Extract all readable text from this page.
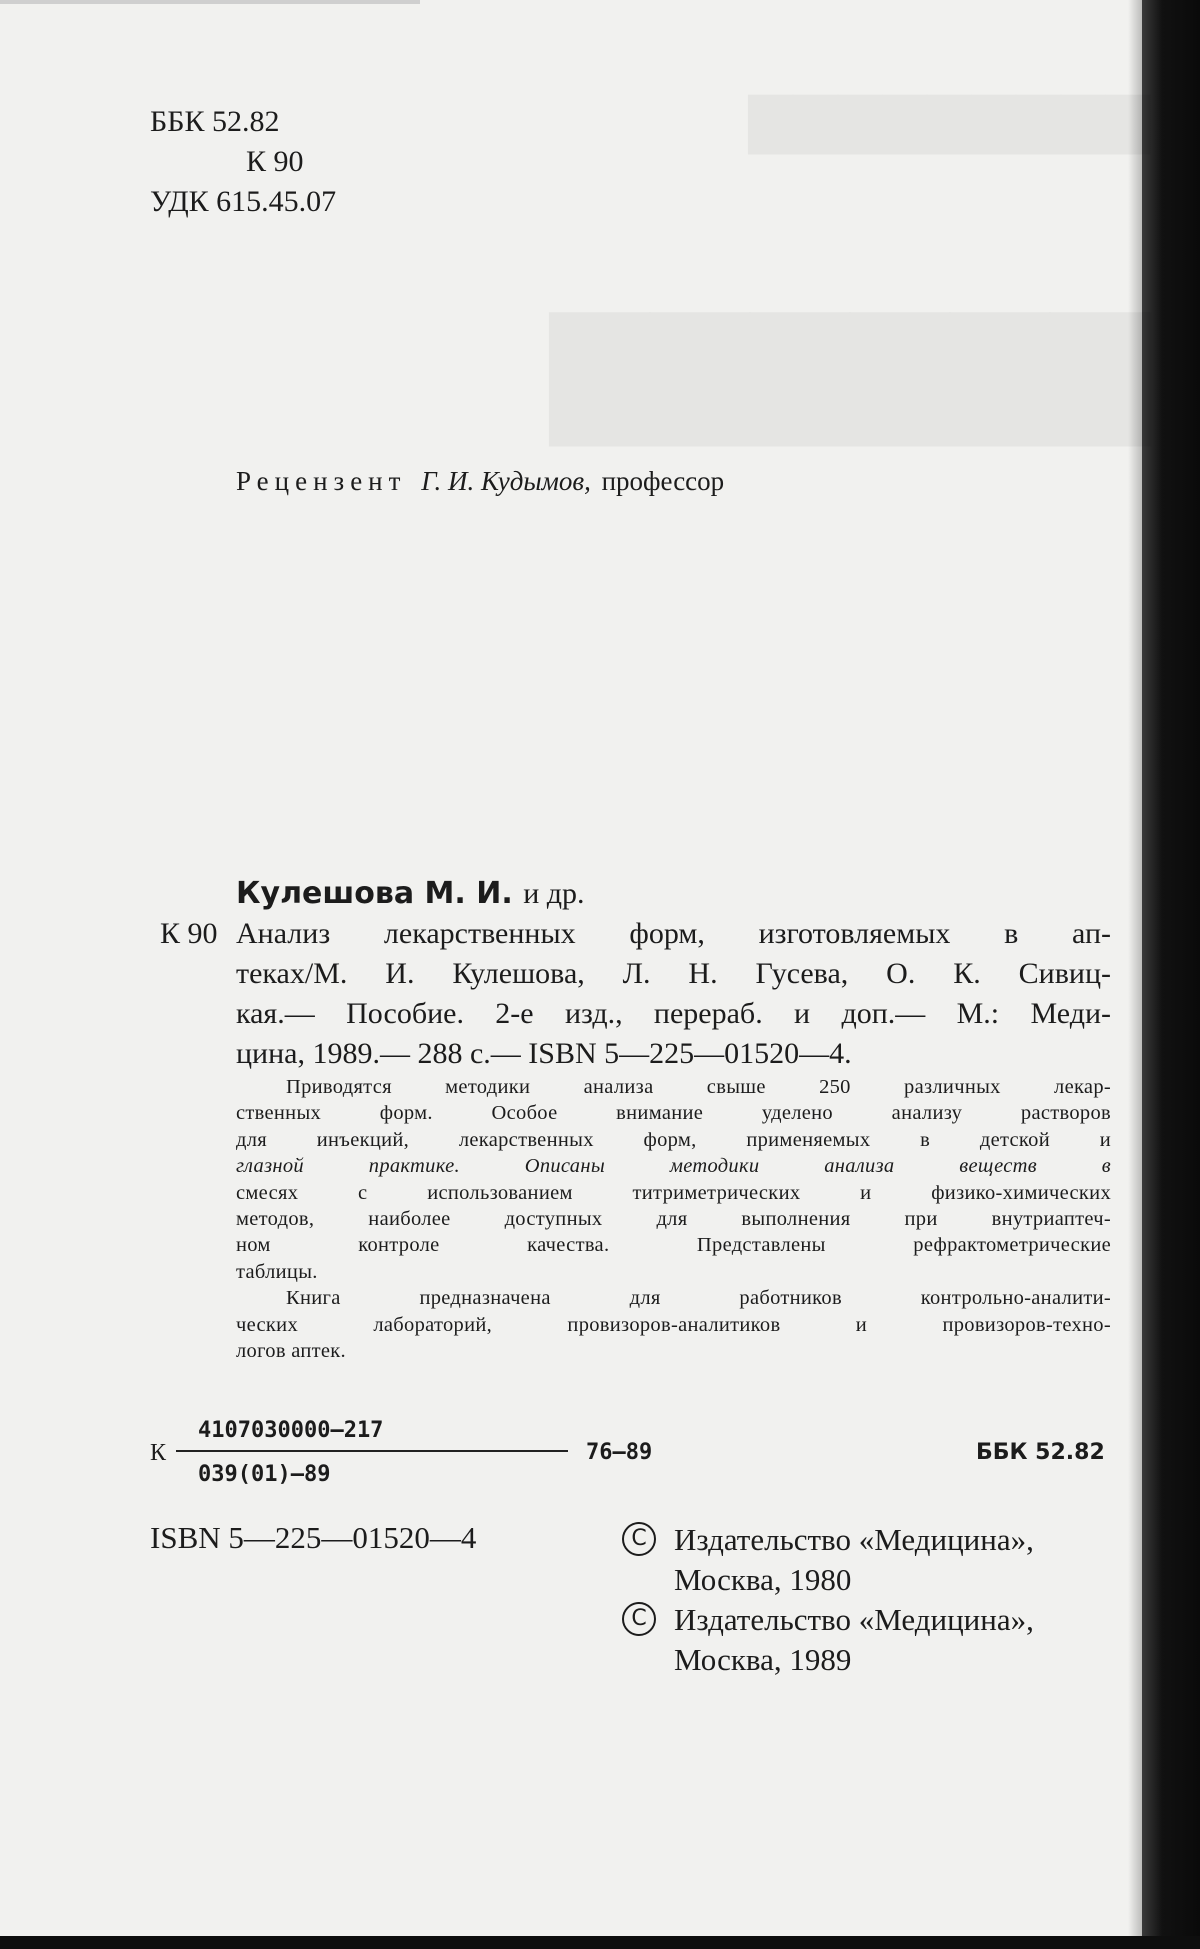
ББК 52.82
К 90
УДК 615.45.07
Рецензент Г. И. Кудымов, профессор
Кулешова М. И. и др.
К 90 Анализ лекарственных форм, изготовляемых в ап-
теках/М. И. Кулешова, Л. Н. Гусева, О. К. Сивиц-
кая.— Пособие. 2-е изд., перераб. и доп.— М.: Меди-
цина, 1989.— 288 с.— ISBN 5—225—01520—4.
Приводятся методики анализа свыше 250 различных лекар-
ственных форм. Особое внимание уделено анализу растворов
для инъекций, лекарственных форм, применяемых в детской и
глазной практике. Описаны методики анализа веществ в
смесях с использованием титриметрических и физико-химических
методов, наиболее доступных для выполнения при внутриаптеч-
ном контроле качества. Представлены рефрактометрические
таблицы.
Книга предназначена для работников контрольно-аналити-
ческих лабораторий, провизоров-аналитиков и провизоров-техно-
логов аптек.
К
4107030000—217
039(01)—89
76—89	ББК 52.82
ISBN 5—225—01520—4	C Издательство «Медицина»,
Москва, 1980
C Издательство «Медицина»,
Москва, 1989
